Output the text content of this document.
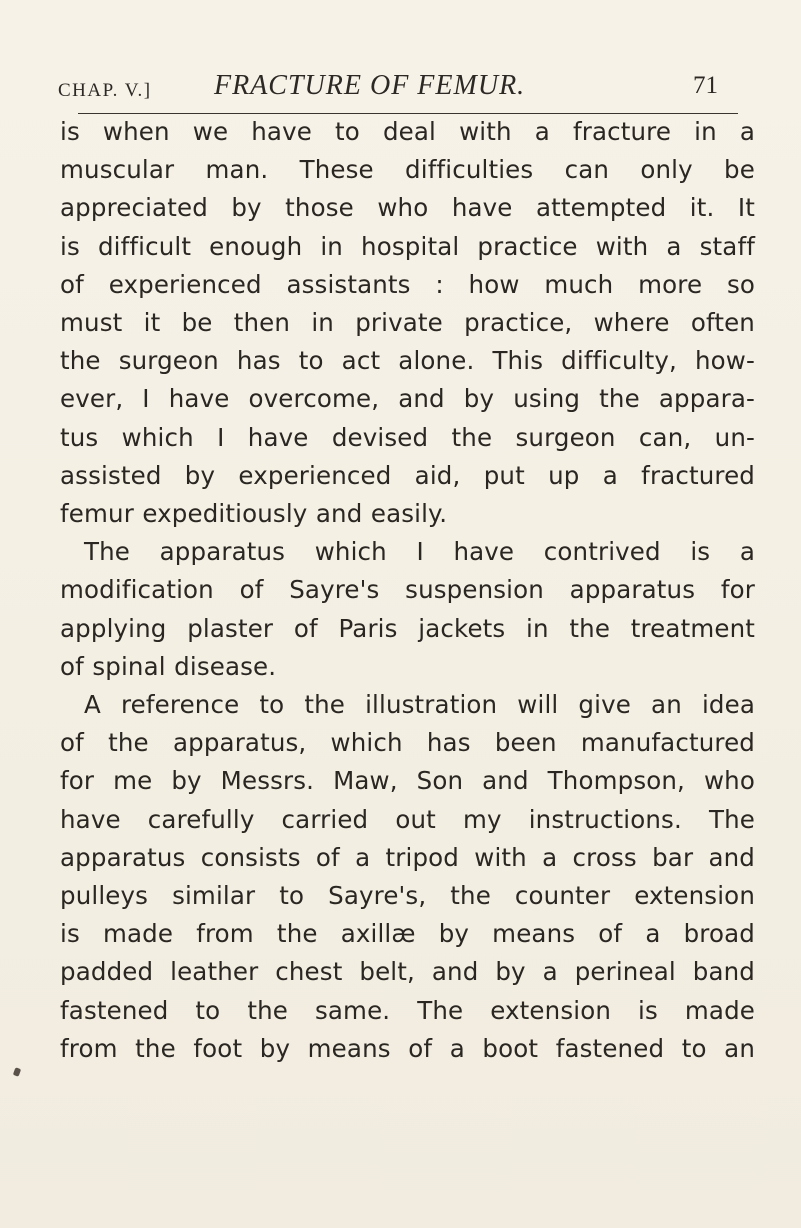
CHAP. V.] FRACTURE OF FEMUR.	71

is when we have to deal with a fracture in a
muscular man. These difficulties can only be
appreciated by those who have attempted it. It
is difficult enough in hospital practice with a staff
of experienced assistants : how much more so
must it be then in private practice, where often
the surgeon has to act alone. This difficulty, how-
ever, I have overcome, and by using the appara-
tus which I have devised the surgeon can, un-
assisted by experienced aid, put up a fractured
femur expeditiously and easily.

The apparatus which I have contrived is a
modification of Sayre's suspension apparatus for
applying plaster of Paris jackets in the treatment
of spinal disease.

A reference to the illustration will give an idea
of the apparatus, which has been manufactured
for me by Messrs. Maw, Son and Thompson, who
have carefully carried out my instructions. The
apparatus consists of a tripod with a cross bar and
pulleys similar to Sayre's, the counter extension
is made from the axillæ by means of a broad
padded leather chest belt, and by a perineal band
fastened to the same. The extension is made
from the foot by means of a boot fastened to an
